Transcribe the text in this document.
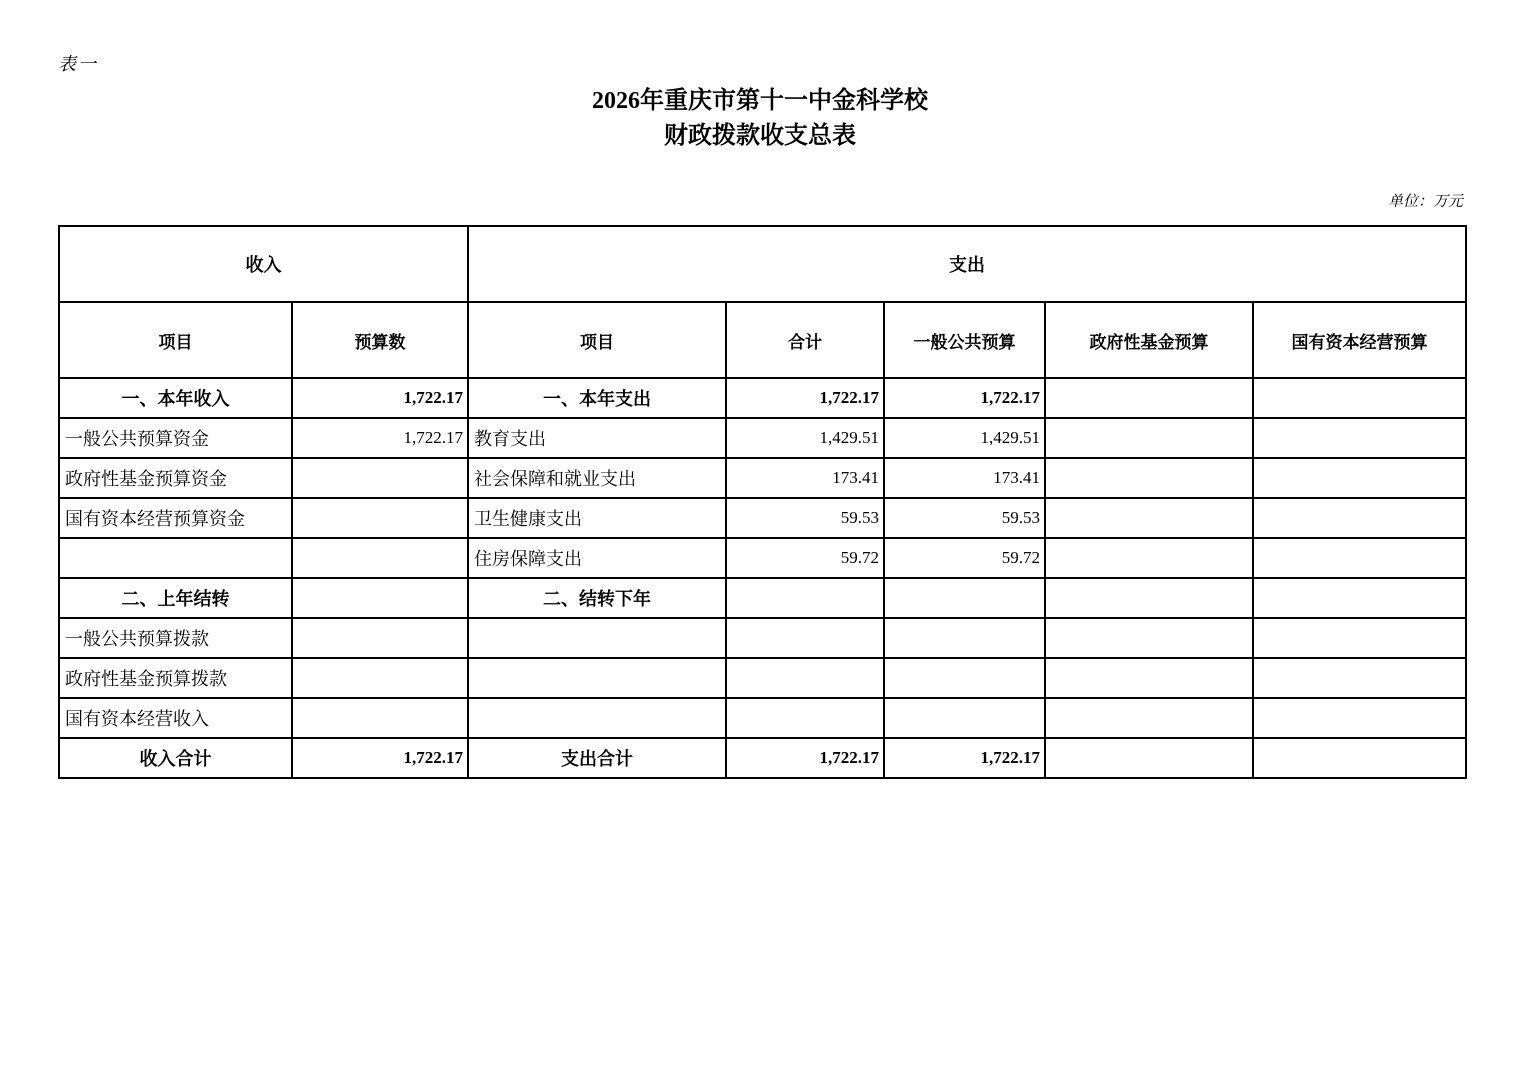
表一
2026年重庆市第十一中金科学校
财政拨款收支总表
单位：万元
收入		支出				
项目	预算数	项目	合计	一般公共预算	政府性基金预算	国有资本经营预算
一、本年收入	1,722.17	一、本年支出	1,722.17	1,722.17		
一般公共预算资金	1,722.17	教育支出	1,429.51	1,429.51		
政府性基金预算资金		社会保障和就业支出	173.41	173.41		
国有资本经营预算资金		卫生健康支出	59.53	59.53		
		住房保障支出	59.72	59.72		
二、上年结转		二、结转下年				
一般公共预算拨款						
政府性基金预算拨款						
国有资本经营收入						
收入合计	1,722.17	支出合计	1,722.17	1,722.17		
